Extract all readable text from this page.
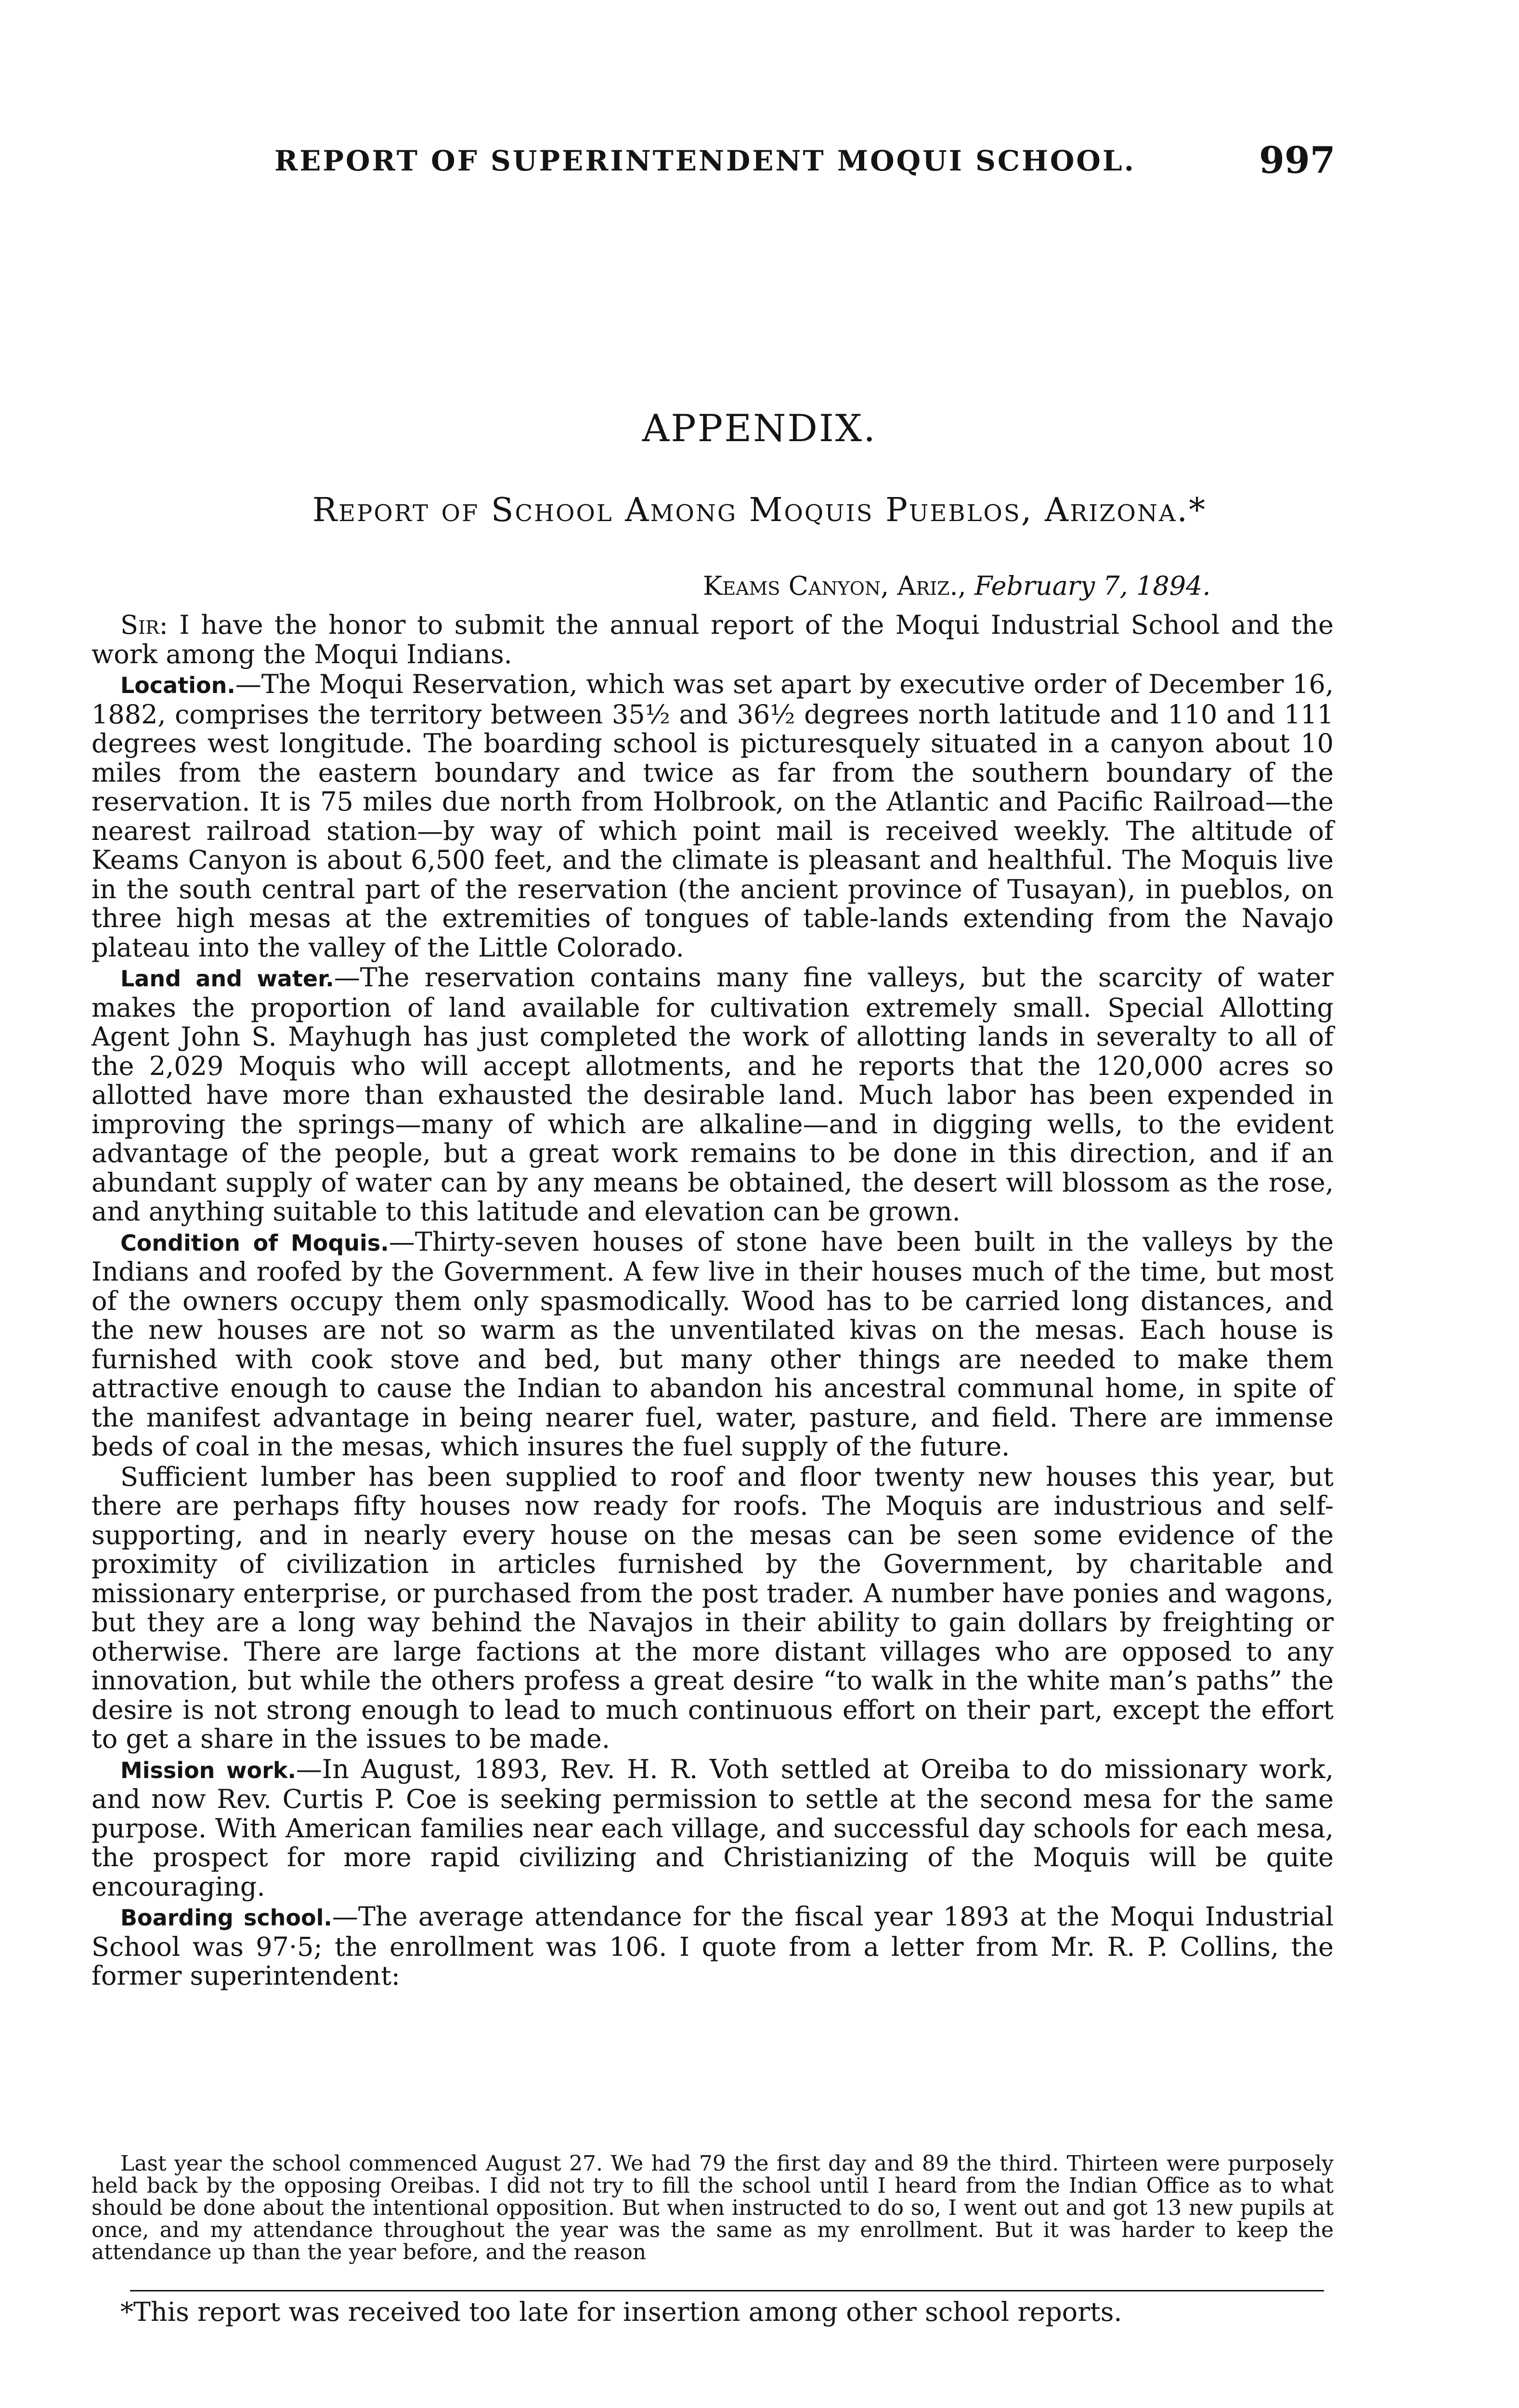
REPORT OF SUPERINTENDENT MOQUI SCHOOL.	997
APPENDIX.
Report of School Among Moquis Pueblos, Arizona.*
Keams Canyon, Ariz., February 7, 1894.

Sir: I have the honor to submit the annual report of the Moqui Industrial School and the work among the Moqui Indians.

Location.—The Moqui Reservation, which was set apart by executive order of December 16, 1882, comprises the territory between 35½ and 36½ degrees north latitude and 110 and 111 degrees west longitude. The boarding school is picturesquely situated in a canyon about 10 miles from the eastern boundary and twice as far from the southern boundary of the reservation. It is 75 miles due north from Holbrook, on the Atlantic and Pacific Railroad—the nearest railroad station—by way of which point mail is received weekly. The altitude of Keams Canyon is about 6,500 feet, and the climate is pleasant and healthful. The Moquis live in the south central part of the reservation (the ancient province of Tusayan), in pueblos, on three high mesas at the extremities of tongues of table-lands extending from the Navajo plateau into the valley of the Little Colorado.

Land and water.—The reservation contains many fine valleys, but the scarcity of water makes the proportion of land available for cultivation extremely small. Special Allotting Agent John S. Mayhugh has just completed the work of allotting lands in severalty to all of the 2,029 Moquis who will accept allotments, and he reports that the 120,000 acres so allotted have more than exhausted the desirable land. Much labor has been expended in improving the springs—many of which are alkaline—and in digging wells, to the evident advantage of the people, but a great work remains to be done in this direction, and if an abundant supply of water can by any means be obtained, the desert will blossom as the rose, and anything suitable to this latitude and elevation can be grown.

Condition of Moquis.—Thirty-seven houses of stone have been built in the valleys by the Indians and roofed by the Government. A few live in their houses much of the time, but most of the owners occupy them only spasmodically. Wood has to be carried long distances, and the new houses are not so warm as the unventilated kivas on the mesas. Each house is furnished with cook stove and bed, but many other things are needed to make them attractive enough to cause the Indian to abandon his ancestral communal home, in spite of the manifest advantage in being nearer fuel, water, pasture, and field. There are immense beds of coal in the mesas, which insures the fuel supply of the future.

Sufficient lumber has been supplied to roof and floor twenty new houses this year, but there are perhaps fifty houses now ready for roofs. The Moquis are industrious and self-supporting, and in nearly every house on the mesas can be seen some evidence of the proximity of civilization in articles furnished by the Government, by charitable and missionary enterprise, or purchased from the post trader. A number have ponies and wagons, but they are a long way behind the Navajos in their ability to gain dollars by freighting or otherwise. There are large factions at the more distant villages who are opposed to any innovation, but while the others profess a great desire “to walk in the white man’s paths” the desire is not strong enough to lead to much continuous effort on their part, except the effort to get a share in the issues to be made.

Mission work.—In August, 1893, Rev. H. R. Voth settled at Oreiba to do missionary work, and now Rev. Curtis P. Coe is seeking permission to settle at the second mesa for the same purpose. With American families near each village, and successful day schools for each mesa, the prospect for more rapid civilizing and Christianizing of the Moquis will be quite encouraging.

Boarding school.—The average attendance for the fiscal year 1893 at the Moqui Industrial School was 97·5; the enrollment was 106. I quote from a letter from Mr. R. P. Collins, the former superintendent:

Last year the school commenced August 27. We had 79 the first day and 89 the third. Thirteen were purposely held back by the opposing Oreibas. I did not try to fill the school until I heard from the Indian Office as to what should be done about the intentional opposition. But when instructed to do so, I went out and got 13 new pupils at once, and my attendance throughout the year was the same as my enrollment. But it was harder to keep the attendance up than the year before, and the reason

*This report was received too late for insertion among other school reports.
